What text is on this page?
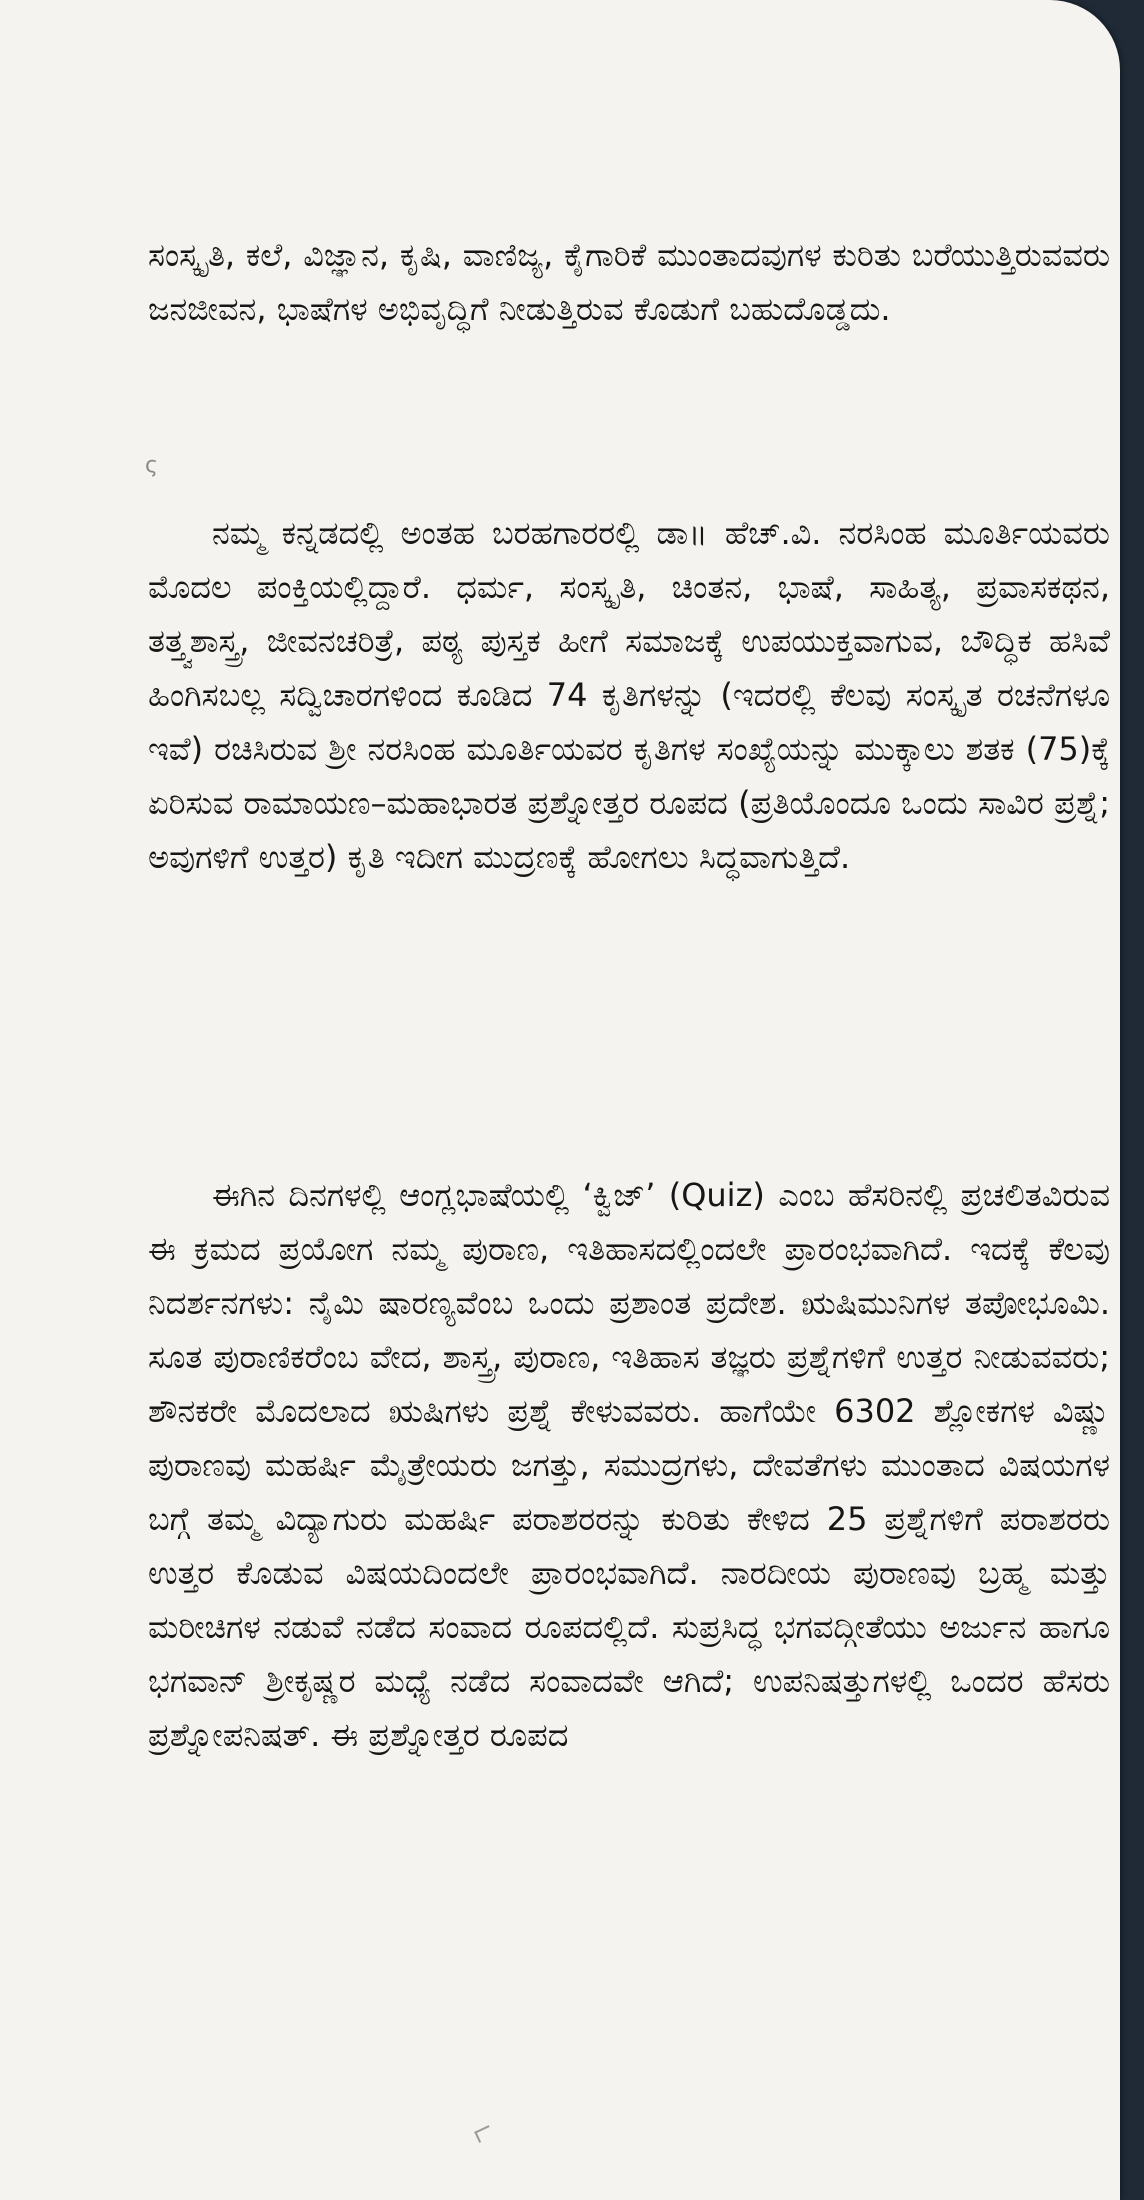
ς

ಸಂಸ್ಕೃತಿ, ಕಲೆ, ವಿಜ್ಞಾನ, ಕೃಷಿ, ವಾಣಿಜ್ಯ, ಕೈಗಾರಿಕೆ ಮುಂತಾದವುಗಳ ಕುರಿತು ಬರೆಯುತ್ತಿರುವವರು ಜನಜೀವನ, ಭಾಷೆಗಳ ಅಭಿವೃದ್ಧಿಗೆ ನೀಡುತ್ತಿರುವ ಕೊಡುಗೆ ಬಹುದೊಡ್ಡದು.

ನಮ್ಮ ಕನ್ನಡದಲ್ಲಿ ಅಂತಹ ಬರಹಗಾರರಲ್ಲಿ ಡಾ॥ ಹೆಚ್.ವಿ. ನರಸಿಂಹ ಮೂರ್ತಿಯವರು ಮೊದಲ ಪಂಕ್ತಿಯಲ್ಲಿದ್ದಾರೆ. ಧರ್ಮ, ಸಂಸ್ಕೃತಿ, ಚಿಂತನ, ಭಾಷೆ, ಸಾಹಿತ್ಯ, ಪ್ರವಾಸಕಥನ, ತತ್ತ್ವಶಾಸ್ತ್ರ, ಜೀವನಚರಿತ್ರೆ, ಪಠ್ಯ ಪುಸ್ತಕ ಹೀಗೆ ಸಮಾಜಕ್ಕೆ ಉಪಯುಕ್ತವಾಗುವ, ಬೌದ್ಧಿಕ ಹಸಿವೆ ಹಿಂಗಿಸಬಲ್ಲ ಸದ್ವಿಚಾರಗಳಿಂದ ಕೂಡಿದ 74 ಕೃತಿಗಳನ್ನು (ಇದರಲ್ಲಿ ಕೆಲವು ಸಂಸ್ಕೃತ ರಚನೆಗಳೂ ಇವೆ) ರಚಿಸಿರುವ ಶ್ರೀ ನರಸಿಂಹ ಮೂರ್ತಿಯವರ ಕೃತಿಗಳ ಸಂಖ್ಯೆಯನ್ನು ಮುಕ್ಕಾಲು ಶತಕ (75)ಕ್ಕೆ ಏರಿಸುವ ರಾಮಾಯಣ–ಮಹಾಭಾರತ ಪ್ರಶ್ನೋತ್ತರ ರೂಪದ (ಪ್ರತಿಯೊಂದೂ ಒಂದು ಸಾವಿರ ಪ್ರಶ್ನೆ; ಅವುಗಳಿಗೆ ಉತ್ತರ) ಕೃತಿ ಇದೀಗ ಮುದ್ರಣಕ್ಕೆ ಹೋಗಲು ಸಿದ್ಧವಾಗುತ್ತಿದೆ.

ಈಗಿನ ದಿನಗಳಲ್ಲಿ ಆಂಗ್ಲಭಾಷೆಯಲ್ಲಿ ‘ಕ್ವಿಜ್’ (Quiz) ಎಂಬ ಹೆಸರಿನಲ್ಲಿ ಪ್ರಚಲಿತವಿರುವ ಈ ಕ್ರಮದ ಪ್ರಯೋಗ ನಮ್ಮ ಪುರಾಣ, ಇತಿಹಾಸದಲ್ಲಿಂದಲೇ ಪ್ರಾರಂಭವಾಗಿದೆ. ಇದಕ್ಕೆ ಕೆಲವು ನಿದರ್ಶನಗಳು: ನೈಮಿ ಷಾರಣ್ಯವೆಂಬ ಒಂದು ಪ್ರಶಾಂತ ಪ್ರದೇಶ. ಋಷಿಮುನಿಗಳ ತಪೋಭೂಮಿ. ಸೂತ ಪುರಾಣಿಕರೆಂಬ ವೇದ, ಶಾಸ್ತ್ರ, ಪುರಾಣ, ಇತಿಹಾಸ ತಜ್ಞರು ಪ್ರಶ್ನೆಗಳಿಗೆ ಉತ್ತರ ನೀಡುವವರು; ಶೌನಕರೇ ಮೊದಲಾದ ಋಷಿಗಳು ಪ್ರಶ್ನೆ ಕೇಳುವವರು. ಹಾಗೆಯೇ 6302 ಶ್ಲೋಕಗಳ ವಿಷ್ಣು ಪುರಾಣವು ಮಹರ್ಷಿ ಮೈತ್ರೇಯರು ಜಗತ್ತು, ಸಮುದ್ರಗಳು, ದೇವತೆಗಳು ಮುಂತಾದ ವಿಷಯಗಳ ಬಗ್ಗೆ ತಮ್ಮ ವಿದ್ಯಾಗುರು ಮಹರ್ಷಿ ಪರಾಶರರನ್ನು ಕುರಿತು ಕೇಳಿದ 25 ಪ್ರಶ್ನೆಗಳಿಗೆ ಪರಾಶರರು ಉತ್ತರ ಕೊಡುವ ವಿಷಯದಿಂದಲೇ ಪ್ರಾರಂಭವಾಗಿದೆ. ನಾರದೀಯ ಪುರಾಣವು ಬ್ರಹ್ಮ ಮತ್ತು ಮರೀಚಿಗಳ ನಡುವೆ ನಡೆದ ಸಂವಾದ ರೂಪದಲ್ಲಿದೆ. ಸುಪ್ರಸಿದ್ಧ ಭಗವದ್ಗೀತೆಯು ಅರ್ಜುನ ಹಾಗೂ ಭಗವಾನ್ ಶ್ರೀಕೃಷ್ಣರ ಮಧ್ಯೆ ನಡೆದ ಸಂವಾದವೇ ಆಗಿದೆ; ಉಪನಿಷತ್ತುಗಳಲ್ಲಿ ಒಂದರ ಹೆಸರು ಪ್ರಶ್ನೋಪನಿಷತ್. ಈ ಪ್ರಶ್ನೋತ್ತರ ರೂಪದ
